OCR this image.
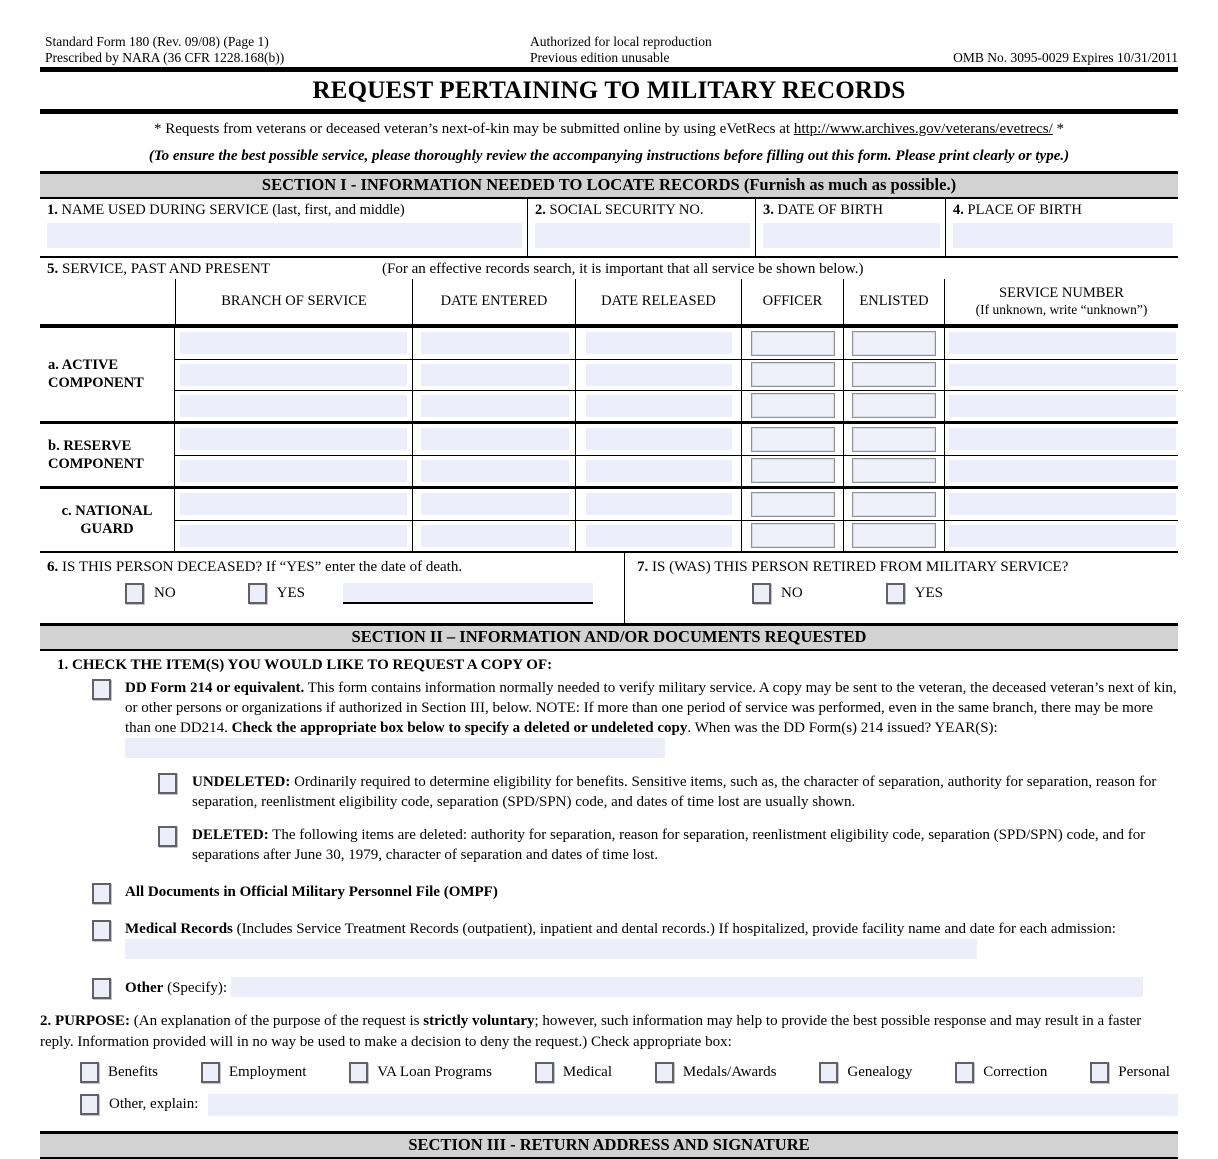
Standard Form 180 (Rev. 09/08) (Page 1)
Prescribed by NARA (36 CFR 1228.168(b))
Authorized for local reproduction
Previous edition unusable	OMB No. 3095-0029 Expires 10/31/2011
REQUEST PERTAINING TO MILITARY RECORDS
* Requests from veterans or deceased veteran’s next-of-kin may be submitted online by using eVetRecs at http://www.archives.gov/veterans/evetrecs/ *
(To ensure the best possible service, please thoroughly review the accompanying instructions before filling out this form. Please print clearly or type.)
SECTION I - INFORMATION NEEDED TO LOCATE RECORDS (Furnish as much as possible.)
1. NAME USED DURING SERVICE (last, first, and middle)	2. SOCIAL SECURITY NO.	3. DATE OF BIRTH	4. PLACE OF BIRTH
5. SERVICE, PAST AND PRESENT	(For an effective records search, it is important that all service be shown below.)
BRANCH OF SERVICE	DATE ENTERED	DATE RELEASED	OFFICER	ENLISTED	SERVICE NUMBER
(If unknown, write “unknown”)
a. ACTIVE
COMPONENT
b. RESERVE
COMPONENT
c. NATIONAL
GUARD
6. IS THIS PERSON DECEASED? If “YES” enter the date of death.
NO	YES
7. IS (WAS) THIS PERSON RETIRED FROM MILITARY SERVICE?
NO	YES
SECTION II – INFORMATION AND/OR DOCUMENTS REQUESTED
1. CHECK THE ITEM(S) YOU WOULD LIKE TO REQUEST A COPY OF:
DD Form 214 or equivalent. This form contains information normally needed to verify military service. A copy may be sent to the veteran, the deceased veteran’s next of kin, or other persons or organizations if authorized in Section III, below. NOTE: If more than one period of service was performed, even in the same branch, there may be more than one DD214. Check the appropriate box below to specify a deleted or undeleted copy. When was the DD Form(s) 214 issued? YEAR(S):
UNDELETED: Ordinarily required to determine eligibility for benefits. Sensitive items, such as, the character of separation, authority for separation, reason for separation, reenlistment eligibility code, separation (SPD/SPN) code, and dates of time lost are usually shown.
DELETED: The following items are deleted: authority for separation, reason for separation, reenlistment eligibility code, separation (SPD/SPN) code, and for separations after June 30, 1979, character of separation and dates of time lost.
All Documents in Official Military Personnel File (OMPF)
Medical Records (Includes Service Treatment Records (outpatient), inpatient and dental records.) If hospitalized, provide facility name and date for each admission:
Other (Specify):
2. PURPOSE: (An explanation of the purpose of the request is strictly voluntary; however, such information may help to provide the best possible response and may result in a faster reply. Information provided will in no way be used to make a decision to deny the request.) Check appropriate box:
Benefits	Employment	VA Loan Programs	Medical	Medals/Awards	Genealogy	Correction	Personal
Other, explain:
SECTION III - RETURN ADDRESS AND SIGNATURE
